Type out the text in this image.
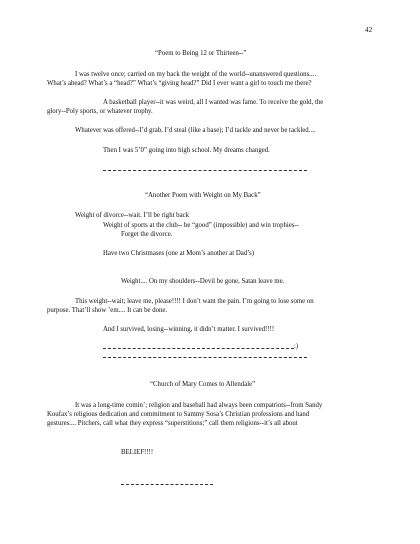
42
“Poem to Being 12 or Thirteen--”
I was twelve once; carried on my back the weight of the world--unanswered questions....
What’s ahead? What’s a “head?” What’s “giving head?” Did I ever want a girl to touch me there?
A basketball player--it was weird, all I wanted was fame. To receive the gold, the
glory--Poly sports, or whatever trophy.
Whatever was offered--I’d grab, I’d steal (like a base); I’d tackle and never be tackled....
Then I was 5’0” going into high school. My dreams changed.
“Another Poem with Weight on My Back”
Weight of divorce--wait. I’ll be right back
Weight of sports at the club-- be “good” (impossible) and win trophies--
Forget the divorce.
Have two Christmases (one at Mom’s another at Dad’s)
Weight.... On my shoulders--Devil be gone, Satan leave me.
This weight--wait; leave me, please!!!! I don’t want the pain. I’m going to lose some on
purpose. That’ll show ’em.... It can be done.
And I survived, losing--winning, it didn’t matter. I survived!!!!
:)
“Church of Mary Comes to Allendale”
It was a long-time comin’; religion and baseball had always been compatriots--from Sandy
Koufax’s religious dedication and commitment to Sammy Sosa’s Christian professions and hand
gestures.... Pitchers, call what they express “superstitions;” call them religions--it’s all about
BELIEF!!!!
